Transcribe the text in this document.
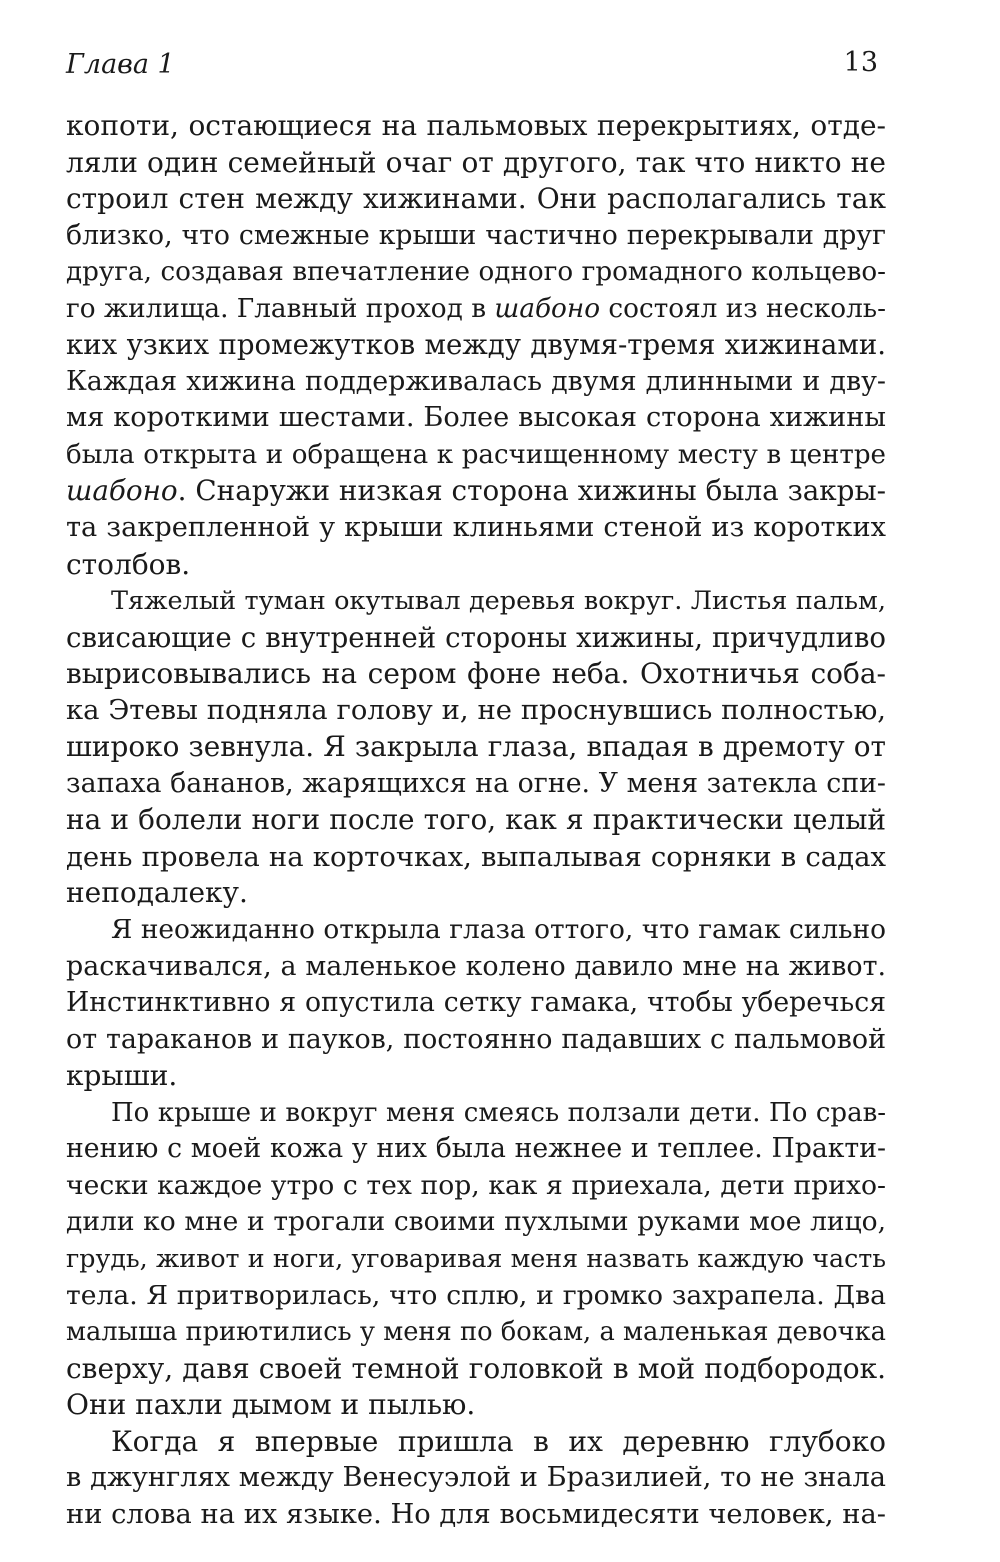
Глава 1	13
копоти, остающиеся на пальмовых перекрытиях, отде-
ляли один семейный очаг от другого, так что никто не
строил стен между хижинами. Они располагались так
близко, что смежные крыши частично перекрывали друг
друга, создавая впечатление одного громадного кольцево-
го жилища. Главный проход в шабоно состоял из несколь-
ких узких промежутков между двумя-тремя хижинами.
Каждая хижина поддерживалась двумя длинными и дву-
мя короткими шестами. Более высокая сторона хижины
была открыта и обращена к расчищенному месту в центре
шабоно. Снаружи низкая сторона хижины была закры-
та закрепленной у крыши клиньями стеной из коротких
столбов.
Тяжелый туман окутывал деревья вокруг. Листья пальм,
свисающие с внутренней стороны хижины, причудливо
вырисовывались на сером фоне неба. Охотничья соба-
ка Этевы подняла голову и, не проснувшись полностью,
широко зевнула. Я закрыла глаза, впадая в дремоту от
запаха бананов, жарящихся на огне. У меня затекла спи-
на и болели ноги после того, как я практически целый
день провела на корточках, выпалывая сорняки в садах
неподалеку.
Я неожиданно открыла глаза оттого, что гамак сильно
раскачивался, а маленькое колено давило мне на живот.
Инстинктивно я опустила сетку гамака, чтобы уберечься
от тараканов и пауков, постоянно падавших с пальмовой
крыши.
По крыше и вокруг меня смеясь ползали дети. По срав-
нению с моей кожа у них была нежнее и теплее. Практи-
чески каждое утро с тех пор, как я приехала, дети прихо-
дили ко мне и трогали своими пухлыми руками мое лицо,
грудь, живот и ноги, уговаривая меня назвать каждую часть
тела. Я притворилась, что сплю, и громко захрапела. Два
малыша приютились у меня по бокам, а маленькая девочка
сверху, давя своей темной головкой в мой подбородок.
Они пахли дымом и пылью.
Когда я впервые пришла в их деревню глубоко
в джунглях между Венесуэлой и Бразилией, то не знала
ни слова на их языке. Но для восьмидесяти человек, на-
